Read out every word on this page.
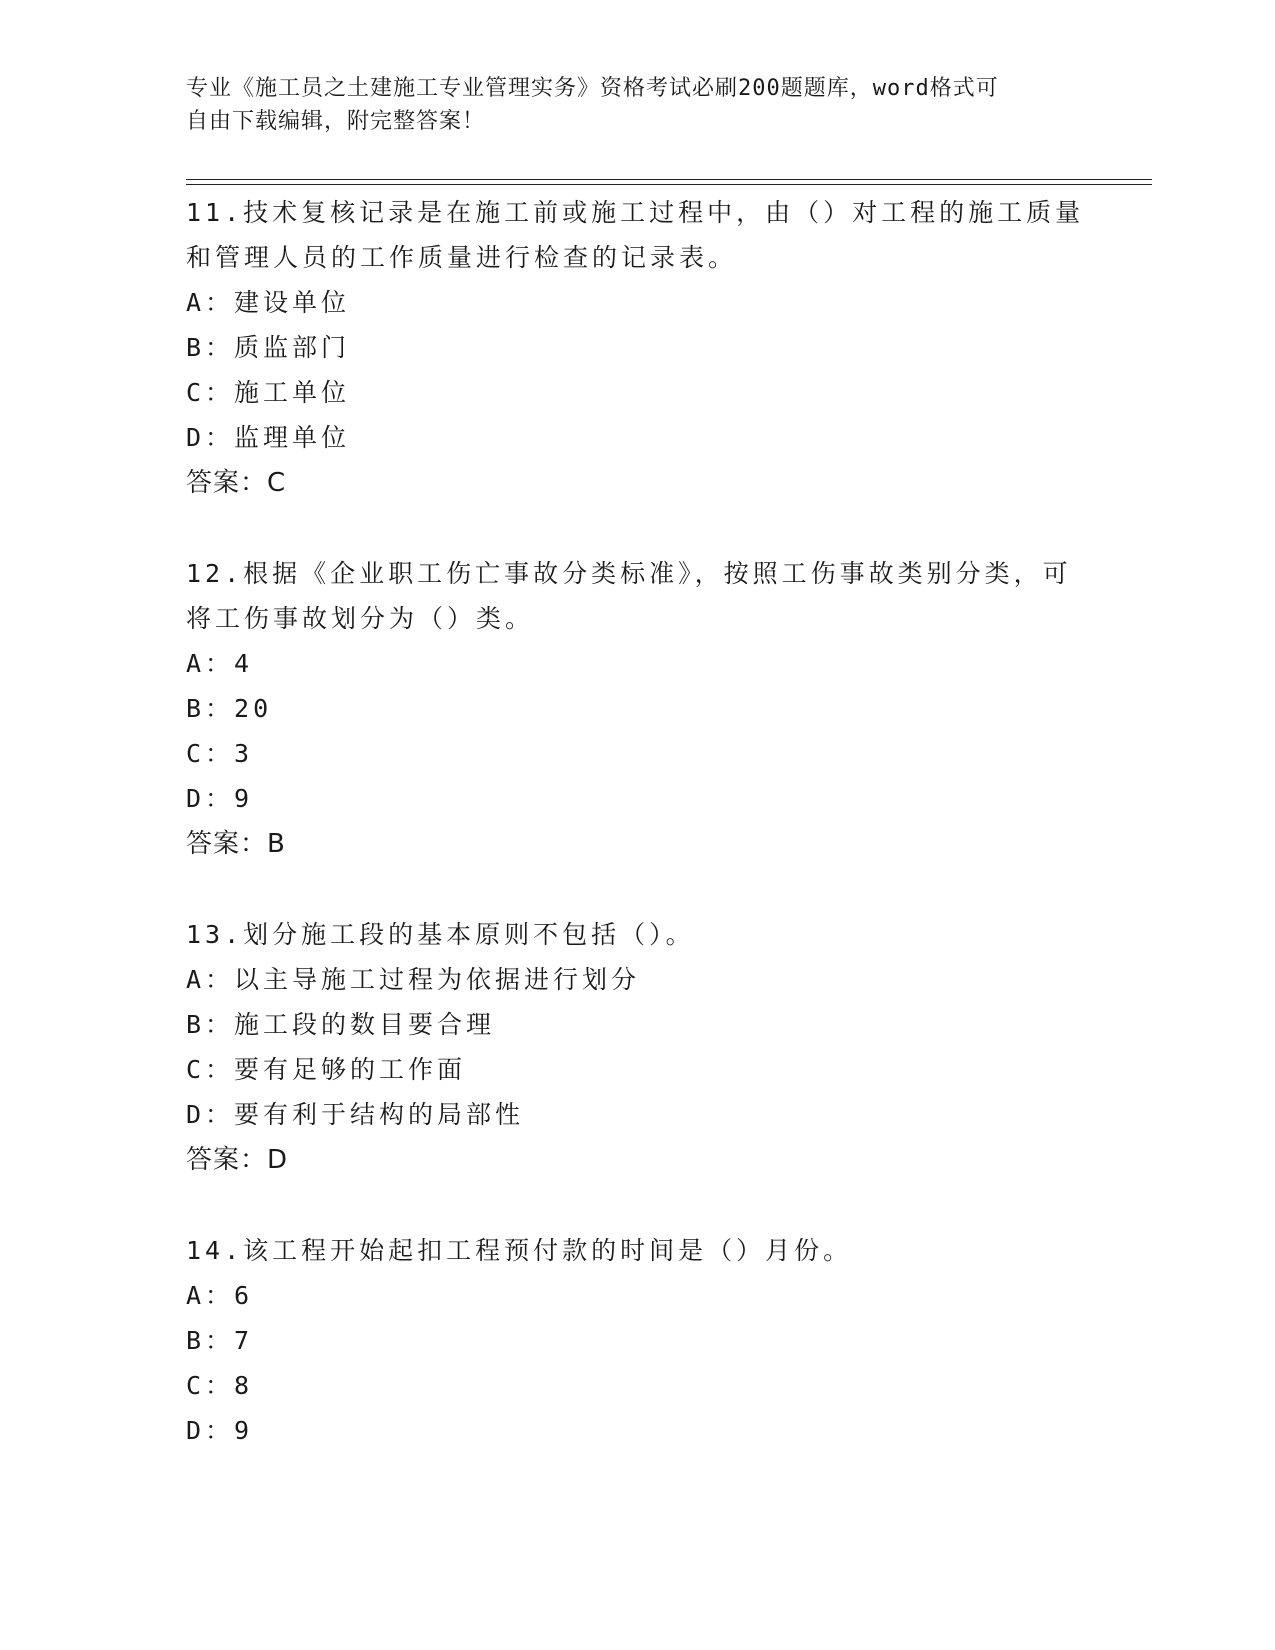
专业《施工员之土建施工专业管理实务》资格考试必刷200题题库，word格式可
自由下载编辑，附完整答案！

11.技术复核记录是在施工前或施工过程中，由（）对工程的施工质量

和管理人员的工作质量进行检查的记录表。

A：建设单位

B：质监部门

C：施工单位

D：监理单位

答案：C

12.根据《企业职工伤亡事故分类标准》，按照工伤事故类别分类，可

将工伤事故划分为（）类。

A：4

B：20

C：3

D：9

答案：B

13.划分施工段的基本原则不包括（）。

A：以主导施工过程为依据进行划分

B：施工段的数目要合理

C：要有足够的工作面

D：要有利于结构的局部性

答案：D

14.该工程开始起扣工程预付款的时间是（）月份。

A：6

B：7

C：8

D：9
